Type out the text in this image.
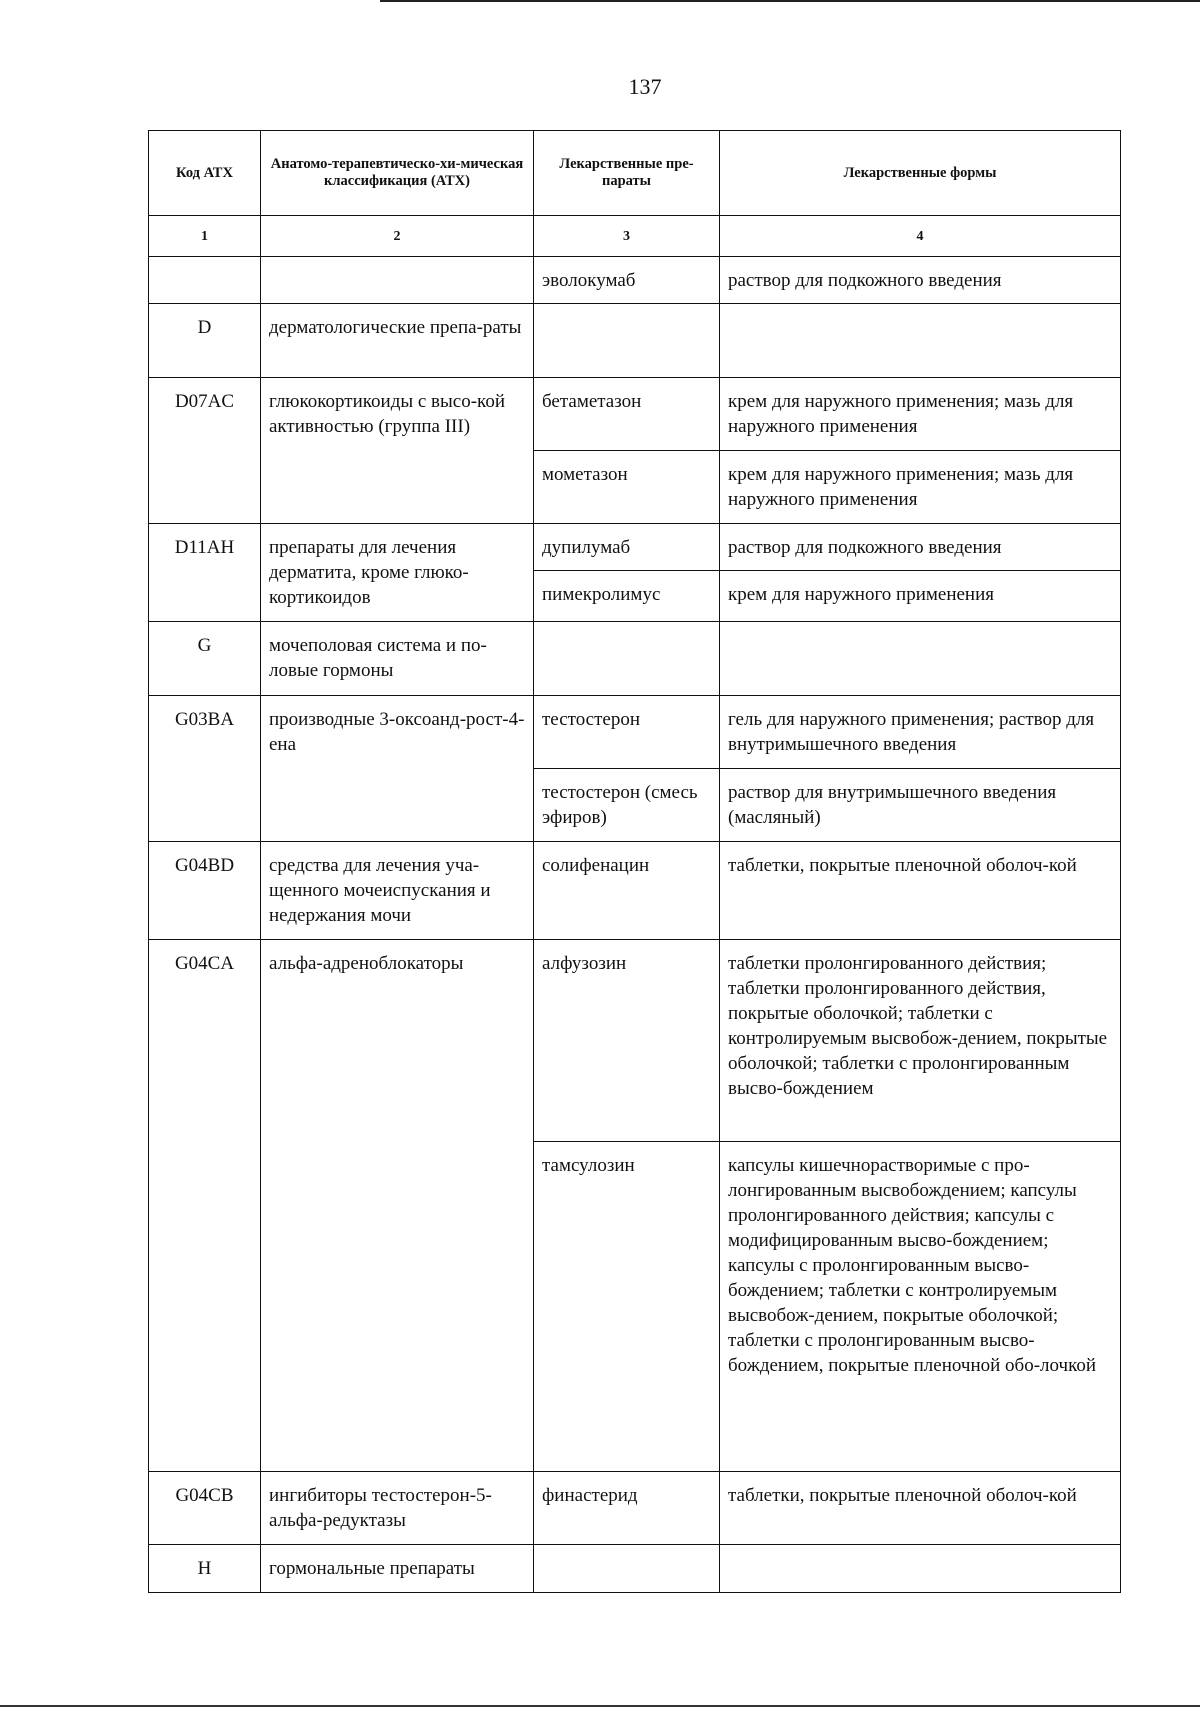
137
Код АТХ	Анатомо-терапевтическо-хи-мическая классификация (АТХ)	Лекарственные пре-параты	Лекарственные формы
1	2	3	4
		эволокумаб	раствор для подкожного введения
D	дерматологические препа-раты		
D07AC	глюкокортикоиды с высо-кой активностью (группа III)	бетаметазон	крем для наружного применения; мазь для наружного применения
		мометазон	крем для наружного применения; мазь для наружного применения
D11AH	препараты для лечения дерматита, кроме глюко-кортикоидов	дупилумаб	раствор для подкожного введения
		пимекролимус	крем для наружного применения
G	мочеполовая система и по-ловые гормоны		
G03BA	производные 3-оксоанд-рост-4-ена	тестостерон	гель для наружного применения; раствор для внутримышечного введения
		тестостерон (смесь эфиров)	раствор для внутримышечного введения (масляный)
G04BD	средства для лечения уча-щенного мочеиспускания и недержания мочи	солифенацин	таблетки, покрытые пленочной оболоч-кой
G04CA	альфа-адреноблокаторы	алфузозин	таблетки пролонгированного действия; таблетки пролонгированного действия, покрытые оболочкой; таблетки с контролируемым высвобож-дением, покрытые оболочкой; таблетки с пролонгированным высво-бождением
		тамсулозин	капсулы кишечнорастворимые с про-лонгированным высвобождением; капсулы пролонгированного действия; капсулы с модифицированным высво-бождением; капсулы с пролонгированным высво-бождением; таблетки с контролируемым высвобож-дением, покрытые оболочкой; таблетки с пролонгированным высво-бождением, покрытые пленочной обо-лочкой
G04CB	ингибиторы тестостерон-5-альфа-редуктазы	финастерид	таблетки, покрытые пленочной оболоч-кой
H	гормональные препараты		
